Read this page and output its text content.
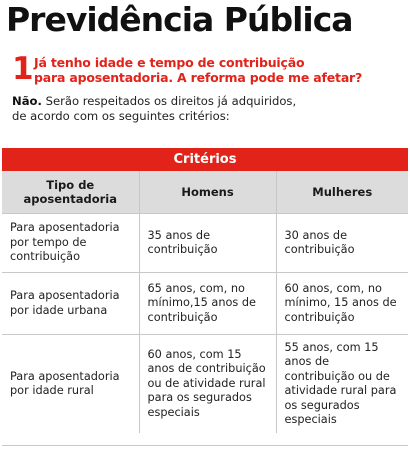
Previdência Pública
1 Já tenho idade e tempo de contribuição
para aposentadoria. A reforma pode me afetar?
Não. Serão respeitados os direitos já adquiridos,
de acordo com os seguintes critérios:
Critérios
Tipo de aposentadoria	Homens	Mulheres
Para aposentadoria por tempo de contribuição	35 anos de contribuição	30 anos de contribuição
Para aposentadoria por idade urbana	65 anos, com, no mínimo,15 anos de contribuição	60 anos, com, no mínimo, 15 anos de contribuição
Para aposentadoria por idade rural	60 anos, com 15 anos de contribuição ou de atividade rural para os segurados especiais	55 anos, com 15 anos de contribuição ou de atividade rural para os segurados especiais
